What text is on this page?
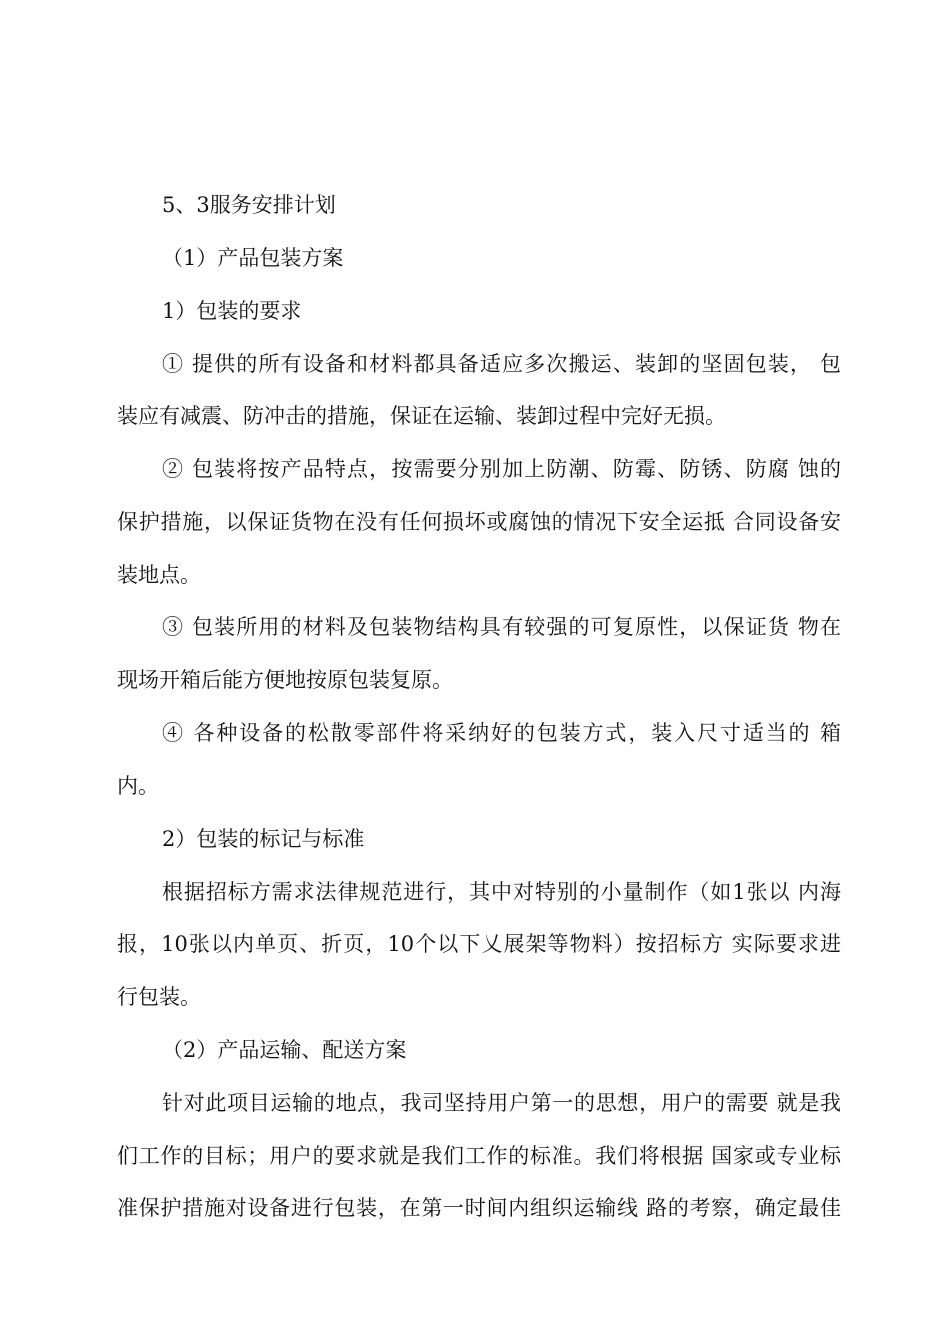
5、3服务安排计划
（1）产品包装方案
1）包装的要求
① 提供的所有设备和材料都具备适应多次搬运、装卸的坚固包装， 包
装应有减震、防冲击的措施，保证在运输、装卸过程中完好无损。
② 包装将按产品特点，按需要分别加上防潮、防霉、防锈、防腐 蚀的
保护措施，以保证货物在没有任何损坏或腐蚀的情况下安全运抵 合同设备安
装地点。
③ 包装所用的材料及包装物结构具有较强的可复原性，以保证货 物在
现场开箱后能方便地按原包装复原。
④ 各种设备的松散零部件将采纳好的包装方式，装入尺寸适当的 箱
内。
2）包装的标记与标准
根据招标方需求法律规范进行，其中对特别的小量制作（如1张以 内海
报，10张以内单页、折页，10个以下乂展架等物料）按招标方 实际要求进
行包装。
（2）产品运输、配送方案
针对此项目运输的地点，我司坚持用户第一的思想，用户的需要 就是我
们工作的目标；用户的要求就是我们工作的标准。我们将根据 国家或专业标
准保护措施对设备进行包装，在第一时间内组织运输线 路的考察，确定最佳
